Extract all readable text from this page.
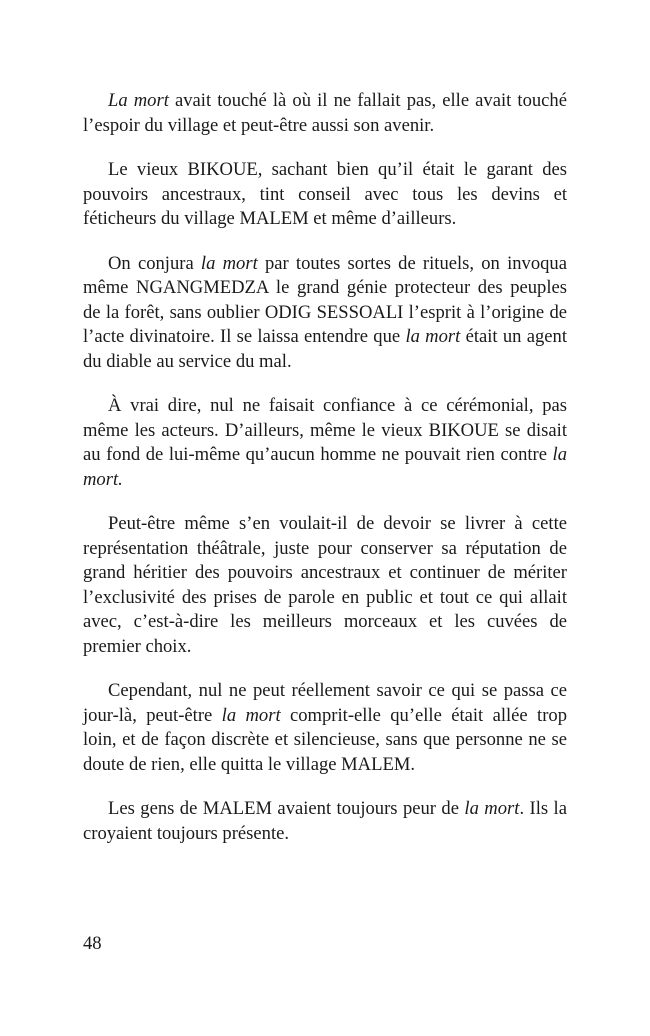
La mort avait touché là où il ne fallait pas, elle avait touché l’espoir du village et peut-être aussi son avenir.

Le vieux BIKOUE, sachant bien qu’il était le garant des pouvoirs ancestraux, tint conseil avec tous les devins et féticheurs du village MALEM et même d’ailleurs.

On conjura la mort par toutes sortes de rituels, on invoqua même NGANGMEDZA le grand génie protecteur des peuples de la forêt, sans oublier ODIG SESSOALI l’esprit à l’origine de l’acte divinatoire. Il se laissa entendre que la mort était un agent du diable au service du mal.

À vrai dire, nul ne faisait confiance à ce cérémonial, pas même les acteurs. D’ailleurs, même le vieux BIKOUE se disait au fond de lui-même qu’aucun homme ne pouvait rien contre la mort.

Peut-être même s’en voulait-il de devoir se livrer à cette représentation théâtrale, juste pour conserver sa réputation de grand héritier des pouvoirs ancestraux et continuer de mériter l’exclusivité des prises de parole en public et tout ce qui allait avec, c’est-à-dire les meilleurs morceaux et les cuvées de premier choix.

Cependant, nul ne peut réellement savoir ce qui se passa ce jour-là, peut-être la mort comprit-elle qu’elle était allée trop loin, et de façon discrète et silencieuse, sans que personne ne se doute de rien, elle quitta le village MALEM.

Les gens de MALEM avaient toujours peur de la mort. Ils la croyaient toujours présente.

48
